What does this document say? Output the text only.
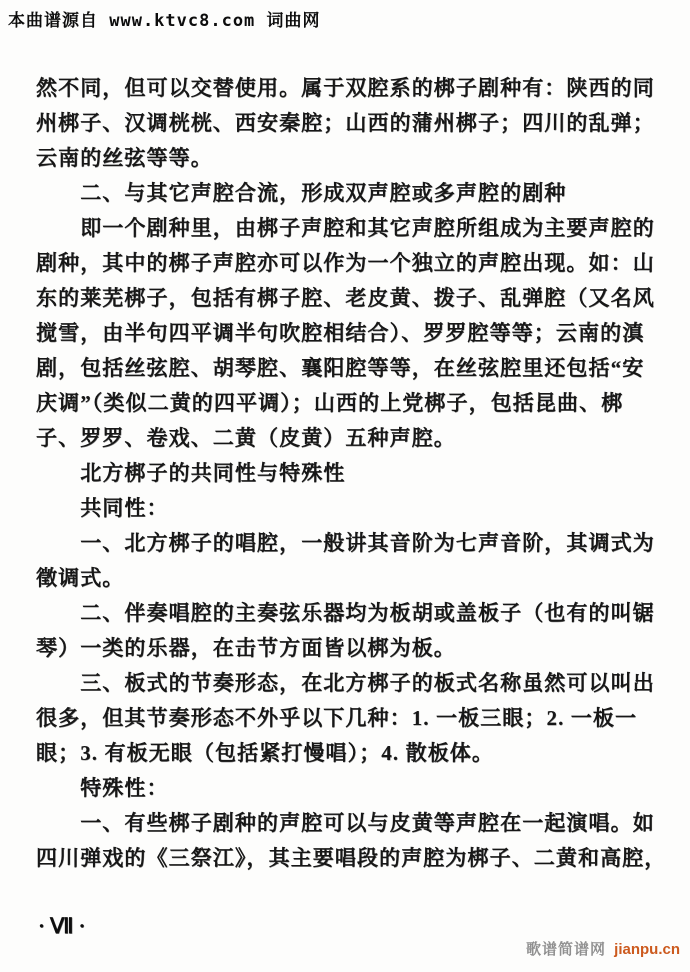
本曲谱源自 www.ktvc8.com 词曲网
然不同，但可以交替使用。属于双腔系的梆子剧种有：陕西的同
州梆子、汉调桄桄、西安秦腔；山西的蒲州梆子；四川的乱弹；
云南的丝弦等等。
　　二、与其它声腔合流，形成双声腔或多声腔的剧种
　　即一个剧种里，由梆子声腔和其它声腔所组成为主要声腔的
剧种，其中的梆子声腔亦可以作为一个独立的声腔出现。如：山
东的莱芜梆子，包括有梆子腔、老皮黄、拨子、乱弹腔（又名风
搅雪，由半句四平调半句吹腔相结合）、罗罗腔等等；云南的滇
剧，包括丝弦腔、胡琴腔、襄阳腔等等，在丝弦腔里还包括“安
庆调”（类似二黄的四平调）；山西的上党梆子，包括昆曲、梆
子、罗罗、卷戏、二黄（皮黄）五种声腔。
　　北方梆子的共同性与特殊性
　　共同性：
　　一、北方梆子的唱腔，一般讲其音阶为七声音阶，其调式为
徵调式。
　　二、伴奏唱腔的主奏弦乐器均为板胡或盖板子（也有的叫锯
琴）一类的乐器，在击节方面皆以梆为板。
　　三、板式的节奏形态，在北方梆子的板式名称虽然可以叫出
很多，但其节奏形态不外乎以下几种：1. 一板三眼；2. 一板一
眼；3. 有板无眼（包括紧打慢唱）；4. 散板体。
　　特殊性：
　　一、有些梆子剧种的声腔可以与皮黄等声腔在一起演唱。如
四川弹戏的《三祭江》，其主要唱段的声腔为梆子、二黄和高腔，
·Ⅶ·
歌谱简谱网 jianpu.cn
